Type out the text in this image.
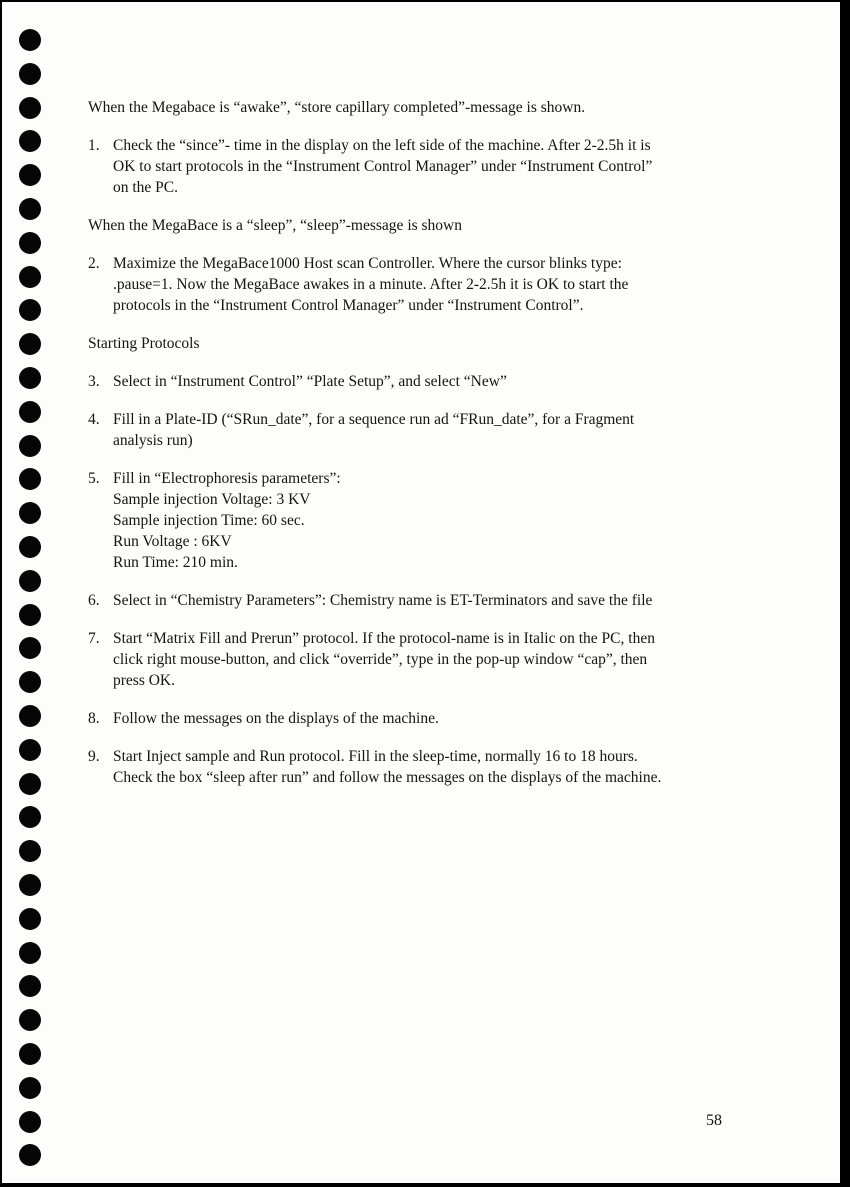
When the Megabace is “awake”, “store capillary completed”-message is shown.

1. Check the “since”- time in the display on the left side of the machine. After 2-2.5h it is
OK to start protocols in the “Instrument Control Manager” under “Instrument Control”
on the PC.

When the MegaBace is a “sleep”, “sleep”-message is shown

2. Maximize the MegaBace1000 Host scan Controller. Where the cursor blinks type:
.pause=1. Now the MegaBace awakes in a minute. After 2-2.5h it is OK to start the
protocols in the “Instrument Control Manager” under “Instrument Control”.

Starting Protocols

3. Select in “Instrument Control” “Plate Setup”, and select “New”
4. Fill in a Plate-ID (“SRun_date”, for a sequence run ad “FRun_date”, for a Fragment
analysis run)
5. Fill in “Electrophoresis parameters”:
Sample injection Voltage: 3 KV
Sample injection Time: 60 sec.
Run Voltage : 6KV
Run Time: 210 min.
6. Select in “Chemistry Parameters”: Chemistry name is ET-Terminators and save the file
7. Start “Matrix Fill and Prerun” protocol. If the protocol-name is in Italic on the PC, then
click right mouse-button, and click “override”, type in the pop-up window “cap”, then
press OK.
8. Follow the messages on the displays of the machine.
9. Start Inject sample and Run protocol. Fill in the sleep-time, normally 16 to 18 hours.
Check the box “sleep after run” and follow the messages on the displays of the machine.
58
